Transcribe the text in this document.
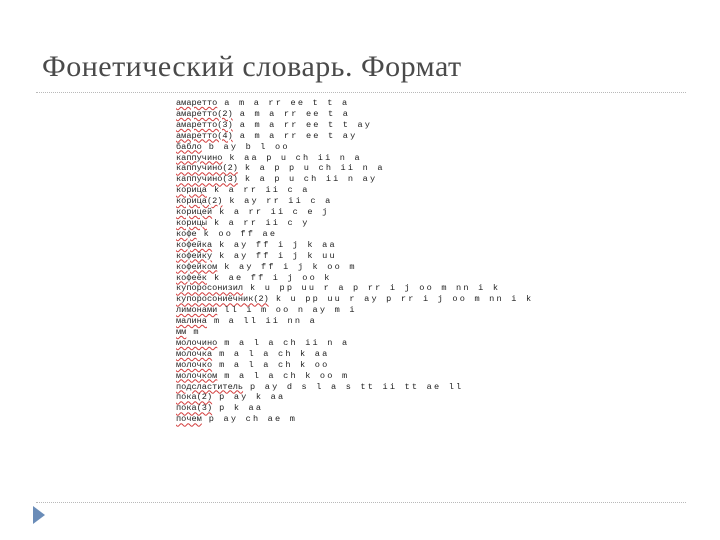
Фонетический словарь. Формат
амаретто a m a rr ee t t a
амаретто(2) a m a rr ee t a
амаретто(3) a m a rr ee t t ay
амаретто(4) a m a rr ee t ay
бабло b ay b l oo
каппучино k aa p u ch ii n a
каппучино(2) k a p p u ch ii n a
каппучино(3) k a p u ch ii n ay
корица k a rr ii c a
корица(2) k ay rr ii c a
корицей k a rr ii c e j
корицы k a rr ii c y
кофе k oo ff ae
кофейка k ay ff i j k aa
кофейку k ay ff i j k uu
кофейком k ay ff i j k oo m
кофеёк k ae ff i j oo k
купоросонизил k u pp uu r a p rr i j oo m nn i k
купоросониёчник(2) k u pp uu r ay p rr i j oo m nn i k
лимонами ll i m oo n ay m i
малина m a ll ii nn a
мм m
молочино m a l a ch ii n a
молочка m a l a ch k aa
молочко m a l a ch k oo
молочком m a l a ch k oo m
подсластитель p ay d s l a s tt ii tt ae ll
пока(2) p ay k aa
пока(3) p k aa
почем p ay ch ae m
